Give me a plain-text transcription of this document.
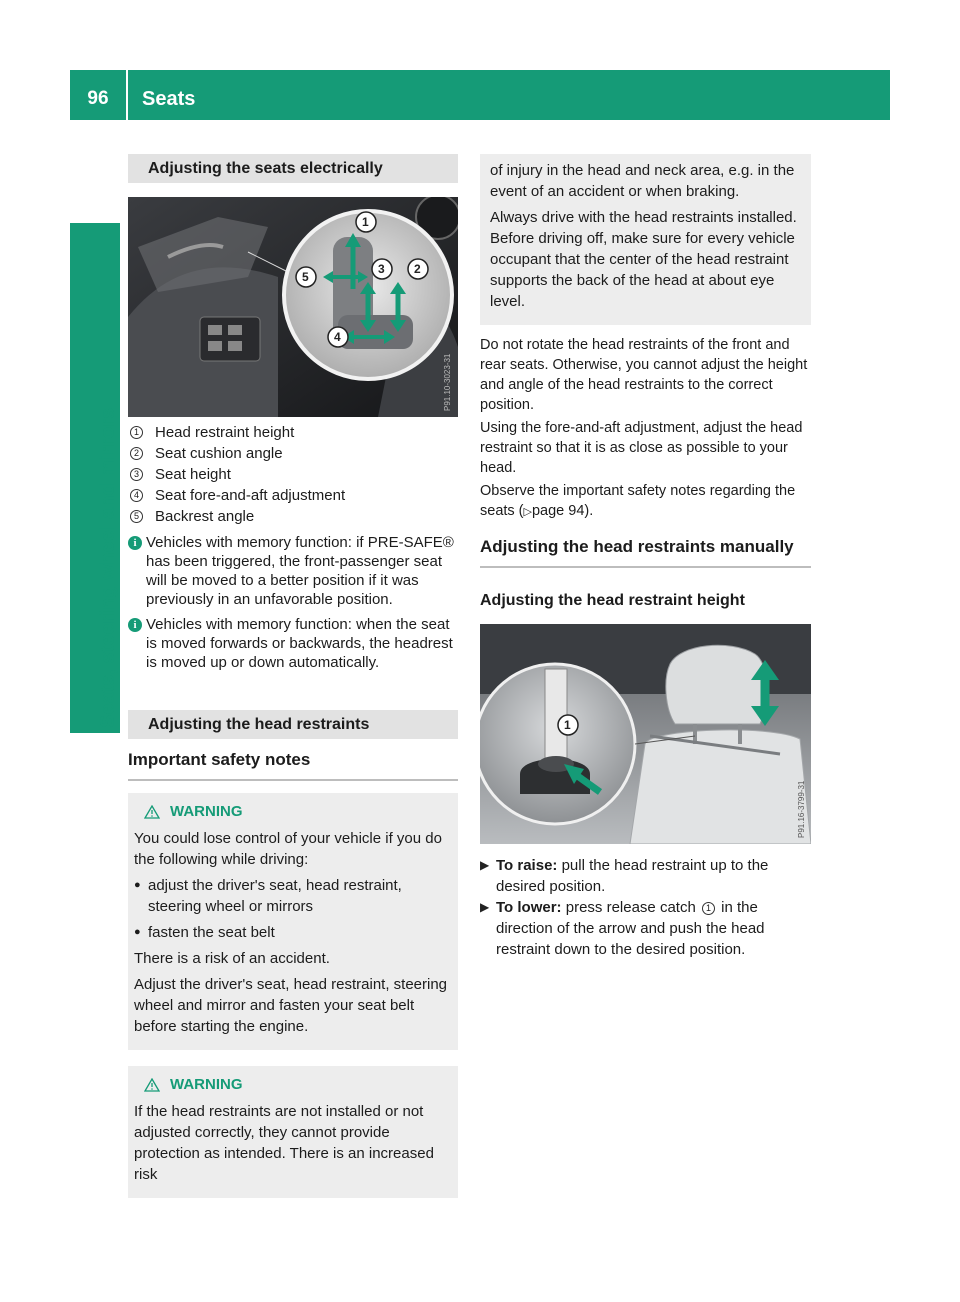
96	Seats
Seats, steering wheel and mirrors
Adjusting the seats electrically
1
2
3
4
5
P91.10-3023-31
1 Head restraint height
2 Seat cushion angle
3 Seat height
4 Seat fore-and-aft adjustment
5 Backrest angle
i Vehicles with memory function: if PRE-SAFE® has been triggered, the front-passenger seat will be moved to a better position if it was previously in an unfavorable position.
i Vehicles with memory function: when the seat is moved forwards or backwards, the headrest is moved up or down automatically.
Adjusting the head restraints
Important safety notes
WARNING

You could lose control of your vehicle if you do the following while driving:

● adjust the driver's seat, head restraint, steering wheel or mirrors
● fasten the seat belt

There is a risk of an accident.

Adjust the driver's seat, head restraint, steering wheel and mirror and fasten your seat belt before starting the engine.

WARNING

If the head restraints are not installed or not adjusted correctly, they cannot provide protection as intended. There is an increased risk

of injury in the head and neck area, e.g. in the event of an accident or when braking.

Always drive with the head restraints installed. Before driving off, make sure for every vehicle occupant that the center of the head restraint supports the back of the head at about eye level.

Do not rotate the head restraints of the front and rear seats. Otherwise, you cannot adjust the height and angle of the head restraints to the correct position.

Using the fore-and-aft adjustment, adjust the head restraint so that it is as close as possible to your head.

Observe the important safety notes regarding the seats (▷page 94).

Adjusting the head restraints manually
Adjusting the head restraint height
1
P91.16-3799-31
▶ To raise: pull the head restraint up to the desired position.
▶ To lower: press release catch 1 in the direction of the arrow and push the head restraint down to the desired position.
